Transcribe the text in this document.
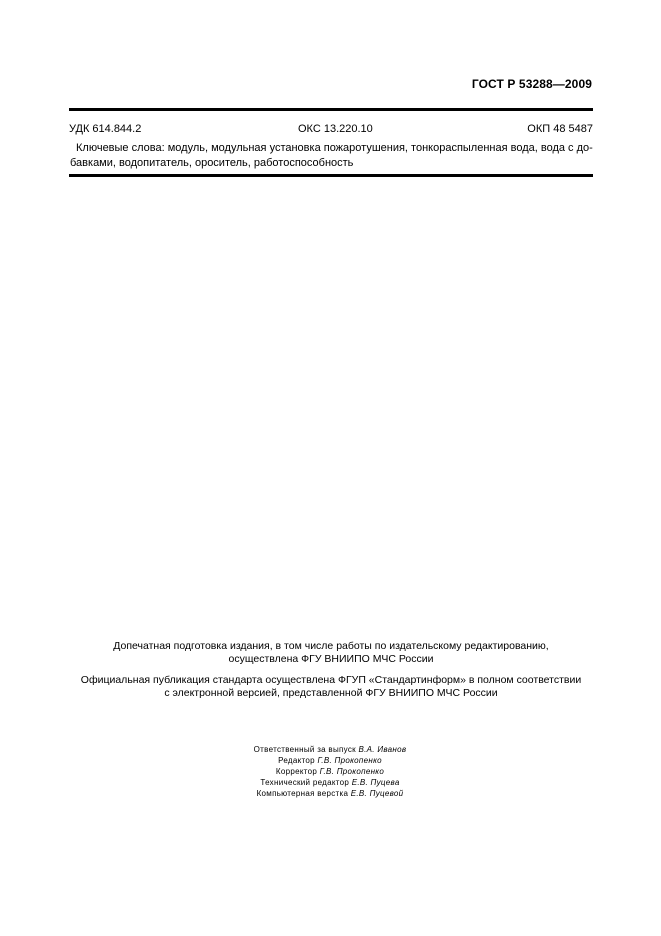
ГОСТ Р 53288—2009
УДК 614.844.2	ОКС 13.220.10	ОКП 48 5487
Ключевые слова: модуль, модульная установка пожаротушения, тонкораспыленная вода, вода с до-
бавками, водопитатель, ороситель, работоспособность
Допечатная подготовка издания, в том числе работы по издательскому редактированию,
осуществлена ФГУ ВНИИПО МЧС России
Официальная публикация стандарта осуществлена ФГУП «Стандартинформ» в полном соответствии
с электронной версией, представленной ФГУ ВНИИПО МЧС России
Ответственный за выпуск В.А. Иванов
Редактор Г.В. Прокопенко
Корректор Г.В. Прокопенко
Технический редактор Е.В. Пуцева
Компьютерная верстка Е.В. Пуцевой
